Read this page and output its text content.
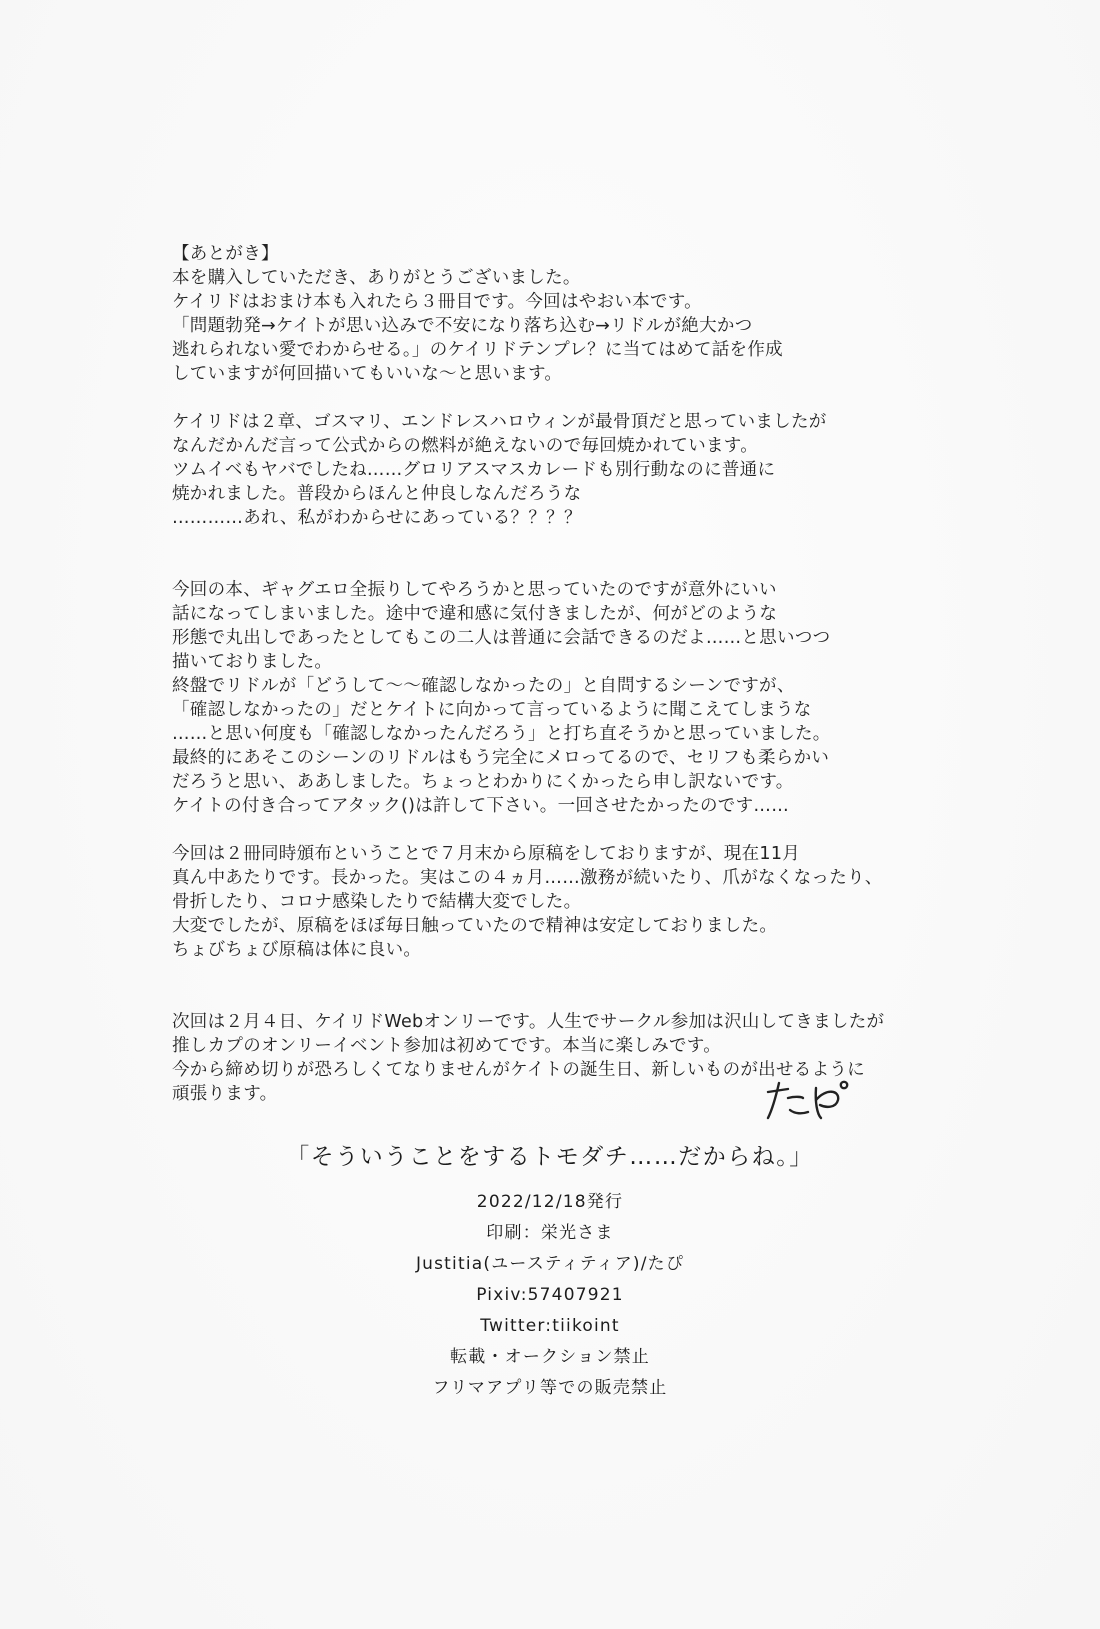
【あとがき】
本を購入していただき、ありがとうございました。
ケイリドはおまけ本も入れたら３冊目です。今回はやおい本です。
「問題勃発→ケイトが思い込みで不安になり落ち込む→リドルが絶大かつ
逃れられない愛でわからせる。」のケイリドテンプレ？に当てはめて話を作成
していますが何回描いてもいいな〜と思います。
ケイリドは２章、ゴスマリ、エンドレスハロウィンが最骨頂だと思っていましたが
なんだかんだ言って公式からの燃料が絶えないので毎回焼かれています。
ツムイベもヤバでしたね……グロリアスマスカレードも別行動なのに普通に
焼かれました。普段からほんと仲良しなんだろうな
…………あれ、私がわからせにあっている？？？？
今回の本、ギャグエロ全振りしてやろうかと思っていたのですが意外にいい
話になってしまいました。途中で違和感に気付きましたが、何がどのような
形態で丸出しであったとしてもこの二人は普通に会話できるのだよ……と思いつつ
描いておりました。
終盤でリドルが「どうして〜〜確認しなかったの」と自問するシーンですが、
「確認しなかったの」だとケイトに向かって言っているように聞こえてしまうな
……と思い何度も「確認しなかったんだろう」と打ち直そうかと思っていました。
最終的にあそこのシーンのリドルはもう完全にメロってるので、セリフも柔らかい
だろうと思い、ああしました。ちょっとわかりにくかったら申し訳ないです。
ケイトの付き合ってアタック()は許して下さい。一回させたかったのです……
今回は２冊同時頒布ということで７月末から原稿をしておりますが、現在11月
真ん中あたりです。長かった。実はこの４ヵ月……激務が続いたり、爪がなくなったり、
骨折したり、コロナ感染したりで結構大変でした。
大変でしたが、原稿をほぼ毎日触っていたので精神は安定しておりました。
ちょびちょび原稿は体に良い。
次回は２月４日、ケイリドWebオンリーです。人生でサークル参加は沢山してきましたが
推しカプのオンリーイベント参加は初めてです。本当に楽しみです。
今から締め切りが恐ろしくてなりませんがケイトの誕生日、新しいものが出せるように
頑張ります。
「そういうことをするトモダチ……だからね。」
2022/12/18発行
印刷：栄光さま
Justitia(ユースティティア)/たぴ
Pixiv:57407921
Twitter:tiikoint
転載・オークション禁止
フリマアプリ等での販売禁止
